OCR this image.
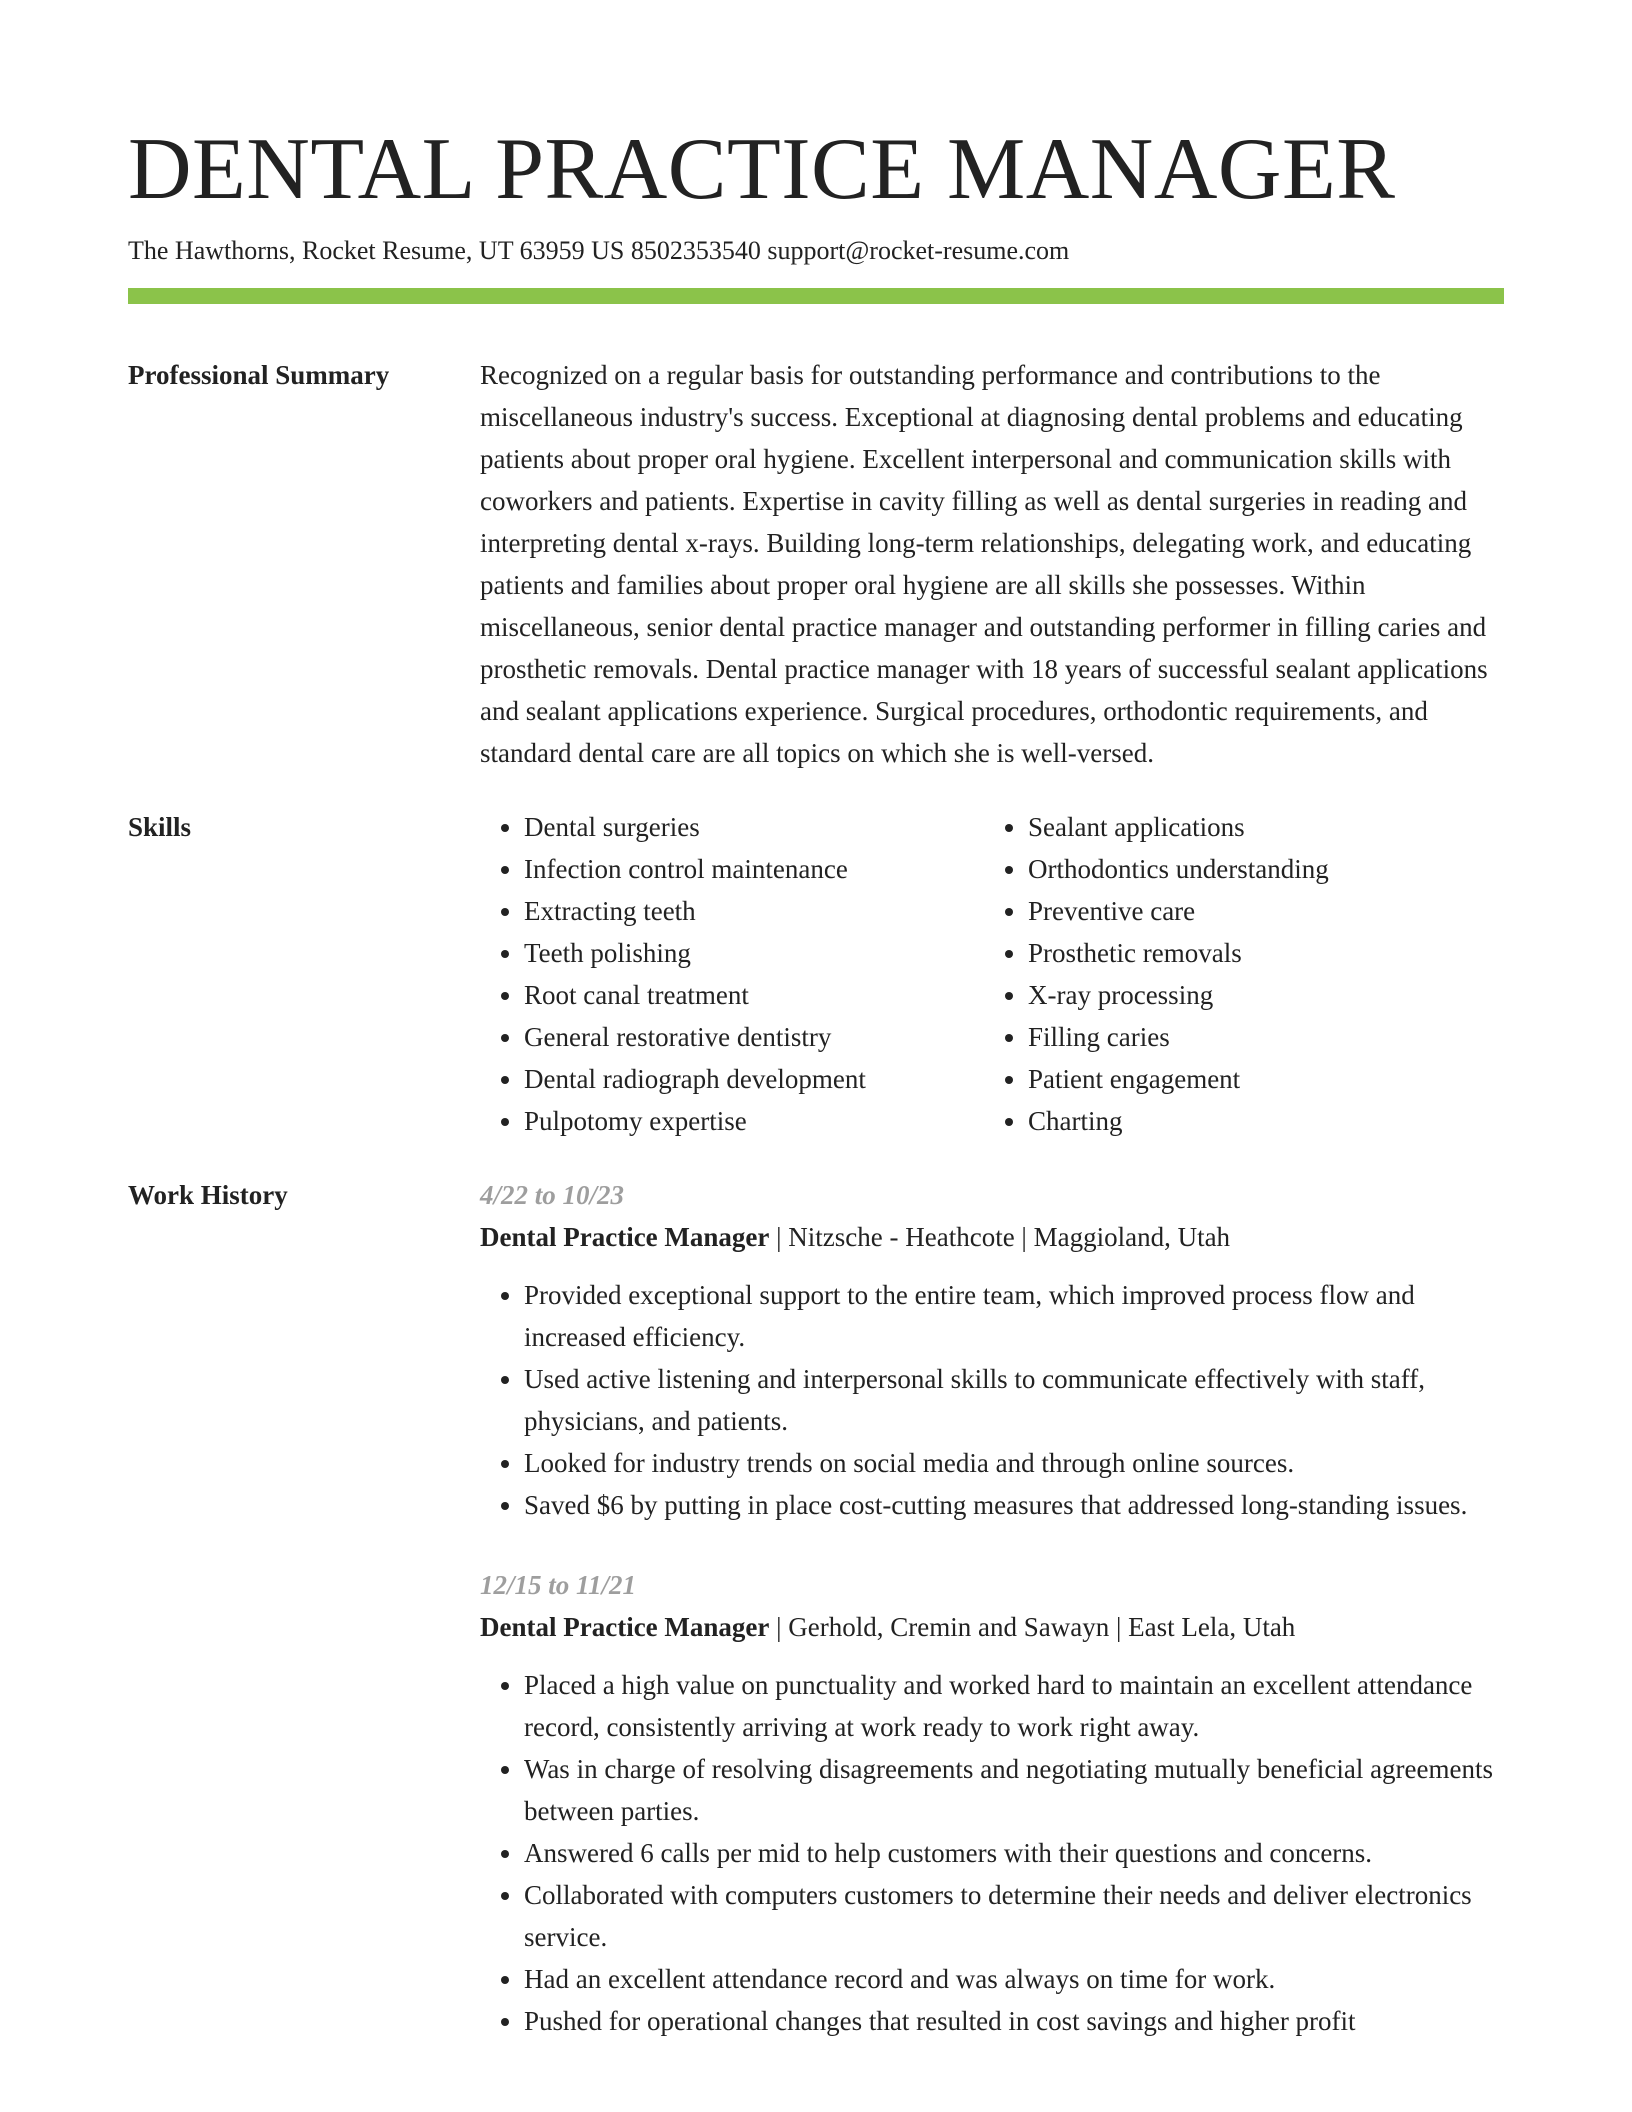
DENTAL PRACTICE MANAGER
The Hawthorns, Rocket Resume, UT 63959 US 8502353540 support@rocket-resume.com
Professional Summary	Recognized on a regular basis for outstanding performance and contributions to the miscellaneous industry's success. Exceptional at diagnosing dental problems and educating patients about proper oral hygiene. Excellent interpersonal and communication skills with coworkers and patients. Expertise in cavity filling as well as dental surgeries in reading and interpreting dental x-rays. Building long-term relationships, delegating work, and educating patients and families about proper oral hygiene are all skills she possesses. Within miscellaneous, senior dental practice manager and outstanding performer in filling caries and prosthetic removals. Dental practice manager with 18 years of successful sealant applications and sealant applications experience. Surgical procedures, orthodontic requirements, and standard dental care are all topics on which she is well-versed.

Skills
•	Dental surgeries
• Infection control maintenance
• Extracting teeth
• Teeth polishing
• Root canal treatment
• General restorative dentistry
• Dental radiograph development
• Pulpotomy expertise
• Sealant applications
• Orthodontics understanding
• Preventive care
• Prosthetic removals
• X-ray processing
• Filling caries
• Patient engagement
• Charting
Work History	4/22 to 10/23
Dental Practice Manager | Nitzsche - Heathcote | Maggioland, Utah
• Provided exceptional support to the entire team, which improved process flow and increased efficiency.
• Used active listening and interpersonal skills to communicate effectively with staff, physicians, and patients.
• Looked for industry trends on social media and through online sources.
• Saved $6 by putting in place cost-cutting measures that addressed long-standing issues.
12/15 to 11/21
Dental Practice Manager | Gerhold, Cremin and Sawayn | East Lela, Utah
• Placed a high value on punctuality and worked hard to maintain an excellent attendance record, consistently arriving at work ready to work right away.
• Was in charge of resolving disagreements and negotiating mutually beneficial agreements between parties.
• Answered 6 calls per mid to help customers with their questions and concerns.
• Collaborated with computers customers to determine their needs and deliver electronics service.
• Had an excellent attendance record and was always on time for work.
• Pushed for operational changes that resulted in cost savings and higher profit
